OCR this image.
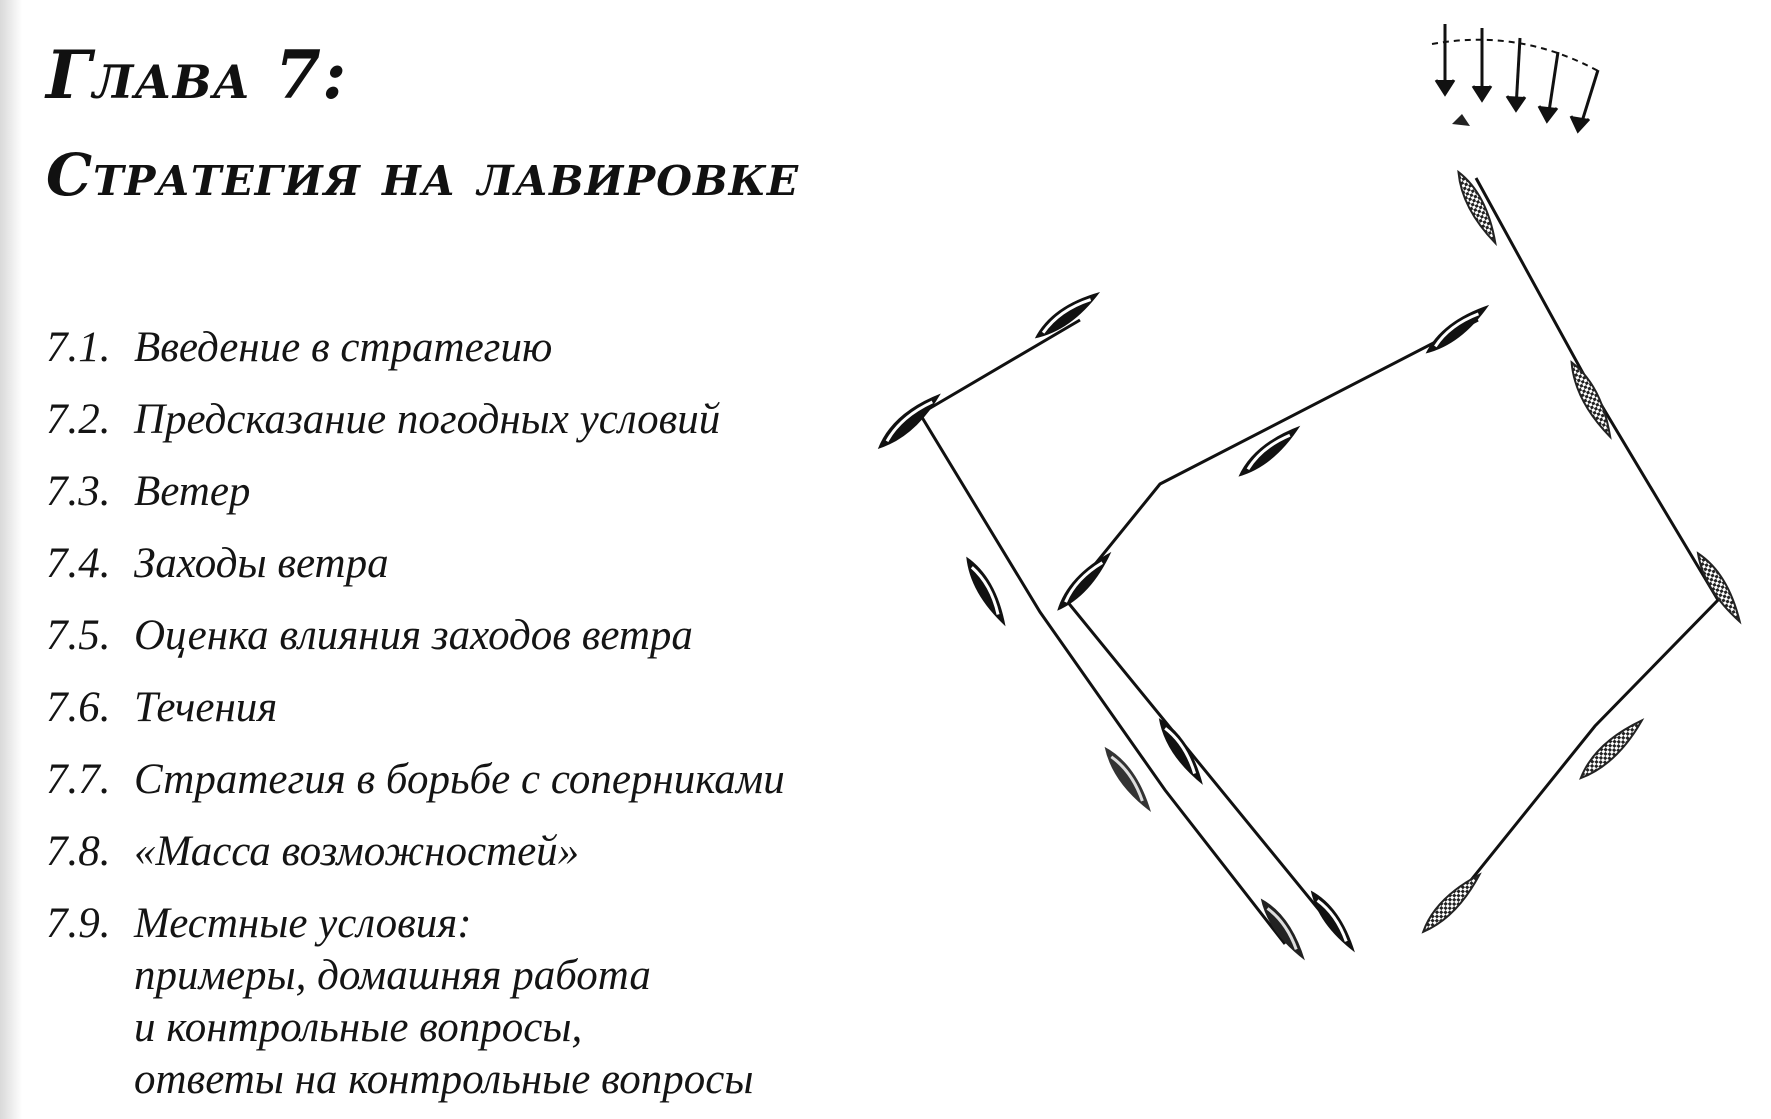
Глава 7:
Стратегия на лавировке
7.1. Введение в стратегию
7.2. Предсказание погодных условий
7.3. Ветер
7.4. Заходы ветра
7.5. Оценка влияния заходов ветра
7.6. Течения
7.7. Стратегия в борьбе с соперниками
7.8. «Масса возможностей»
7.9. Местные условия:
примеры, домашняя работа
и контрольные вопросы,
ответы на контрольные вопросы
